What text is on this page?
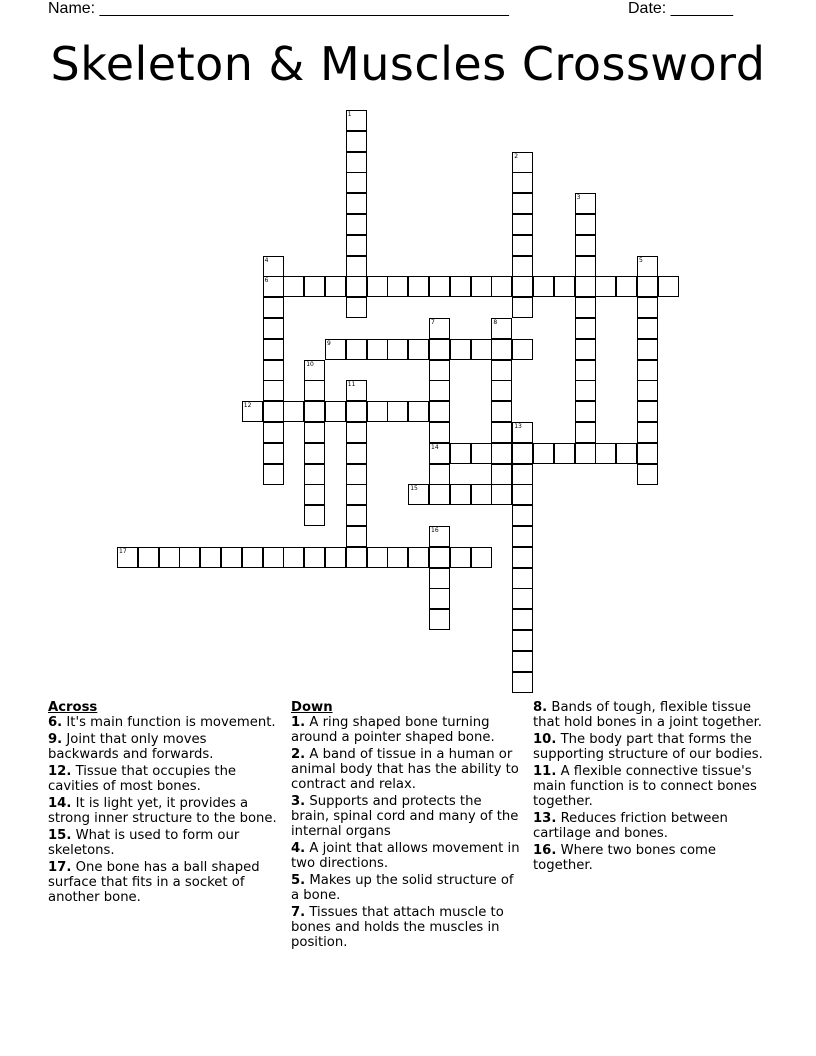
Name: ______________________________________________	Date: _______
Skeleton & Muscles Crossword
1
2
3
4
6
5
7
14
8
9
10
11
12
13
15
16
17
Across
6. It's main function is movement.
9. Joint that only moves backwards and forwards.
12. Tissue that occupies the cavities of most bones.
14. It is light yet, it provides a strong inner structure to the bone.
15. What is used to form our skeletons.
17. One bone has a ball shaped surface that fits in a socket of another bone.
Down
1. A ring shaped bone turning around a pointer shaped bone.
2. A band of tissue in a human or animal body that has the ability to contract and relax.
3. Supports and protects the brain, spinal cord and many of the internal organs
4. A joint that allows movement in two directions.
5. Makes up the solid structure of a bone.
7. Tissues that attach muscle to bones and holds the muscles in position.
8. Bands of tough, flexible tissue that hold bones in a joint together.
10. The body part that forms the supporting structure of our bodies.
11. A flexible connective tissue's main function is to connect bones together.
13. Reduces friction between cartilage and bones.
16. Where two bones come together.
